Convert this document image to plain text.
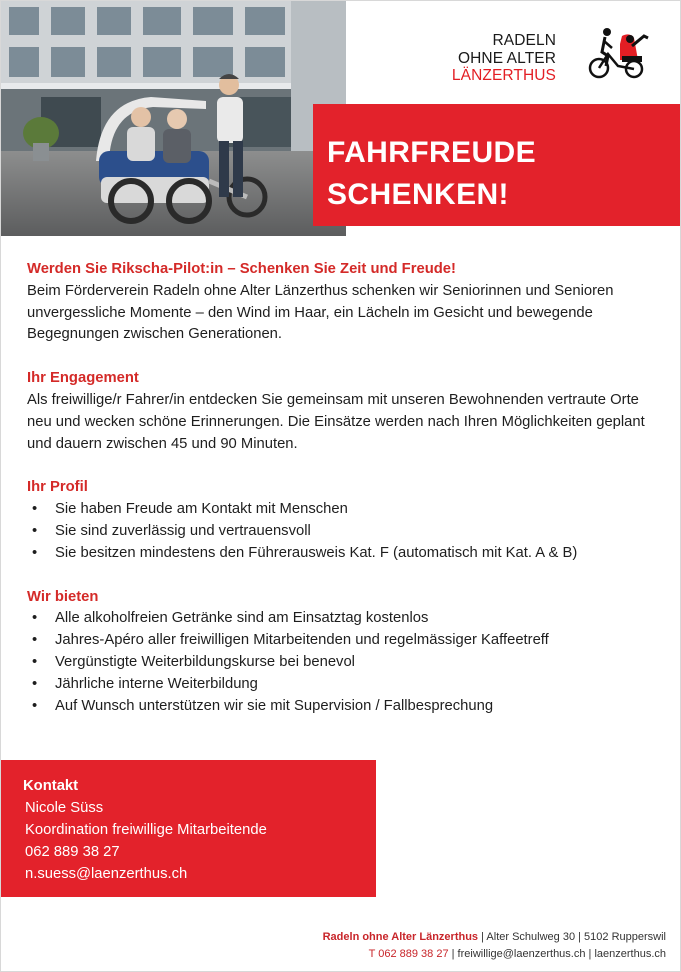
RADELN
OHNE ALTER
LÄNZERTHUS
FAHRFREUDE
SCHENKEN!
Werden Sie Rikscha-Pilot:in – Schenken Sie Zeit und Freude!
Beim Förderverein Radeln ohne Alter Länzerthus schenken wir Seniorinnen und Senioren unvergessliche Momente – den Wind im Haar, ein Lächeln im Gesicht und bewegende Begegnungen zwischen Generationen.
Ihr Engagement
Als freiwillige/r Fahrer/in entdecken Sie gemeinsam mit unseren Bewohnenden vertraute Orte neu und wecken schöne Erinnerungen. Die Einsätze werden nach Ihren Möglichkeiten geplant und dauern zwischen 45 und 90 Minuten.
Ihr Profil
• Sie haben Freude am Kontakt mit Menschen
• Sie sind zuverlässig und vertrauensvoll
• Sie besitzen mindestens den Führerausweis Kat. F (automatisch mit Kat. A & B)
Wir bieten
• Alle alkoholfreien Getränke sind am Einsatztag kostenlos
• Jahres-Apéro aller freiwilligen Mitarbeitenden und regelmässiger Kaffeetreff
• Vergünstigte Weiterbildungskurse bei benevol
• Jährliche interne Weiterbildung
• Auf Wunsch unterstützen wir sie mit Supervision / Fallbesprechung
Kontakt
Nicole Süss
Koordination freiwillige Mitarbeitende
062 889 38 27
n.suess@laenzerthus.ch
Radeln ohne Alter Länzerthus | Alter Schulweg 30 | 5102 Rupperswil
T 062 889 38 27 | freiwillige@laenzerthus.ch | laenzerthus.ch
